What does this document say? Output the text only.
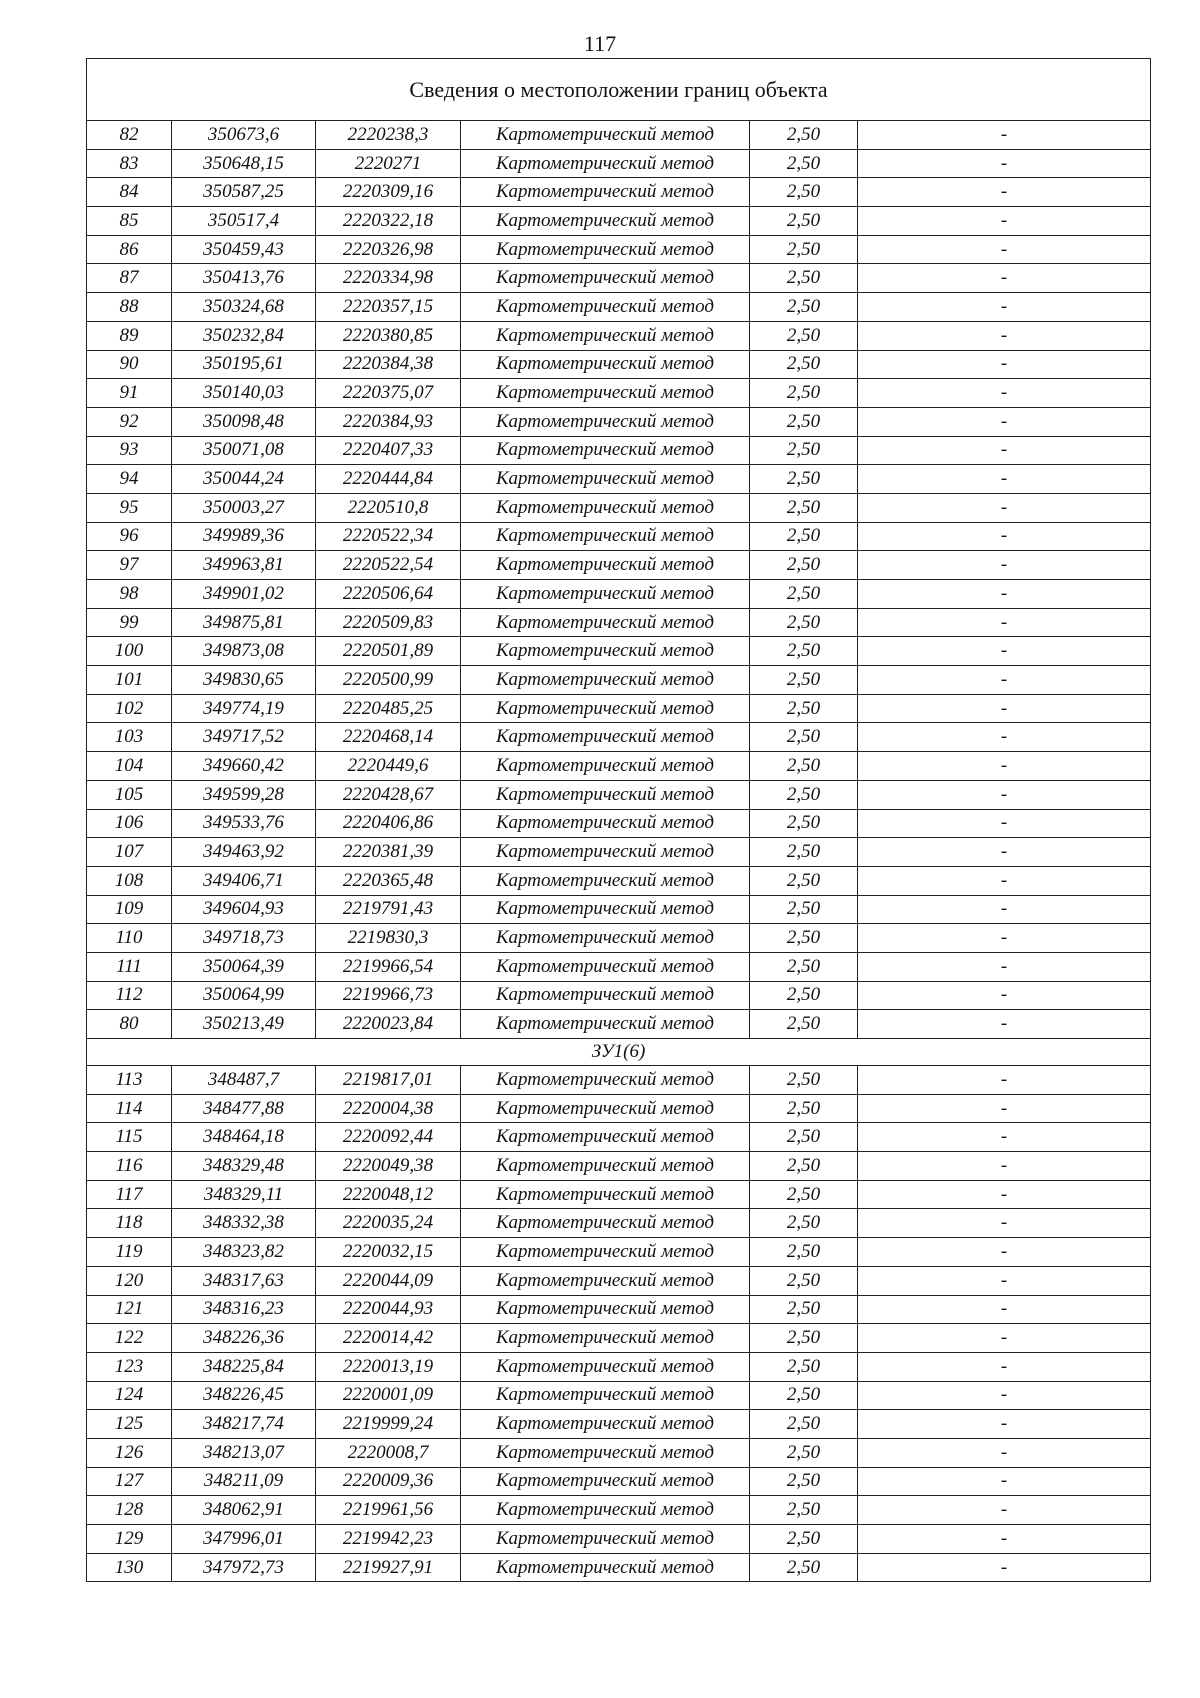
117
Сведения о местоположении границ объекта					
82	350673,6	2220238,3	Картометрический метод	2,50	-
83	350648,15	2220271	Картометрический метод	2,50	-
84	350587,25	2220309,16	Картометрический метод	2,50	-
85	350517,4	2220322,18	Картометрический метод	2,50	-
86	350459,43	2220326,98	Картометрический метод	2,50	-
87	350413,76	2220334,98	Картометрический метод	2,50	-
88	350324,68	2220357,15	Картометрический метод	2,50	-
89	350232,84	2220380,85	Картометрический метод	2,50	-
90	350195,61	2220384,38	Картометрический метод	2,50	-
91	350140,03	2220375,07	Картометрический метод	2,50	-
92	350098,48	2220384,93	Картометрический метод	2,50	-
93	350071,08	2220407,33	Картометрический метод	2,50	-
94	350044,24	2220444,84	Картометрический метод	2,50	-
95	350003,27	2220510,8	Картометрический метод	2,50	-
96	349989,36	2220522,34	Картометрический метод	2,50	-
97	349963,81	2220522,54	Картометрический метод	2,50	-
98	349901,02	2220506,64	Картометрический метод	2,50	-
99	349875,81	2220509,83	Картометрический метод	2,50	-
100	349873,08	2220501,89	Картометрический метод	2,50	-
101	349830,65	2220500,99	Картометрический метод	2,50	-
102	349774,19	2220485,25	Картометрический метод	2,50	-
103	349717,52	2220468,14	Картометрический метод	2,50	-
104	349660,42	2220449,6	Картометрический метод	2,50	-
105	349599,28	2220428,67	Картометрический метод	2,50	-
106	349533,76	2220406,86	Картометрический метод	2,50	-
107	349463,92	2220381,39	Картометрический метод	2,50	-
108	349406,71	2220365,48	Картометрический метод	2,50	-
109	349604,93	2219791,43	Картометрический метод	2,50	-
110	349718,73	2219830,3	Картометрический метод	2,50	-
111	350064,39	2219966,54	Картометрический метод	2,50	-
112	350064,99	2219966,73	Картометрический метод	2,50	-
80	350213,49	2220023,84	Картометрический метод	2,50	-
ЗУ1(6)					
113	348487,7	2219817,01	Картометрический метод	2,50	-
114	348477,88	2220004,38	Картометрический метод	2,50	-
115	348464,18	2220092,44	Картометрический метод	2,50	-
116	348329,48	2220049,38	Картометрический метод	2,50	-
117	348329,11	2220048,12	Картометрический метод	2,50	-
118	348332,38	2220035,24	Картометрический метод	2,50	-
119	348323,82	2220032,15	Картометрический метод	2,50	-
120	348317,63	2220044,09	Картометрический метод	2,50	-
121	348316,23	2220044,93	Картометрический метод	2,50	-
122	348226,36	2220014,42	Картометрический метод	2,50	-
123	348225,84	2220013,19	Картометрический метод	2,50	-
124	348226,45	2220001,09	Картометрический метод	2,50	-
125	348217,74	2219999,24	Картометрический метод	2,50	-
126	348213,07	2220008,7	Картометрический метод	2,50	-
127	348211,09	2220009,36	Картометрический метод	2,50	-
128	348062,91	2219961,56	Картометрический метод	2,50	-
129	347996,01	2219942,23	Картометрический метод	2,50	-
130	347972,73	2219927,91	Картометрический метод	2,50	-
